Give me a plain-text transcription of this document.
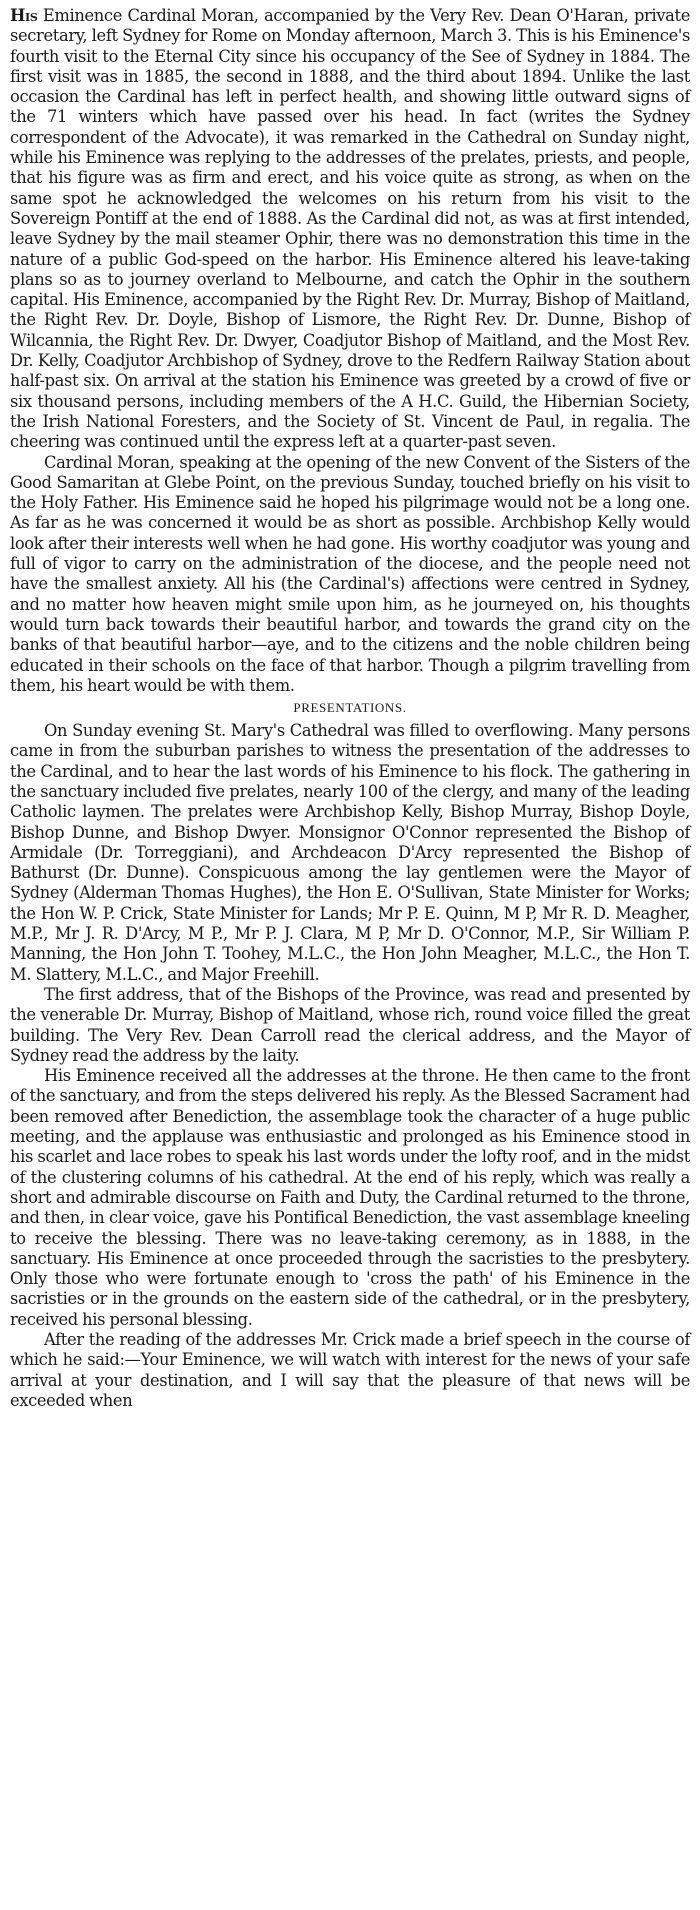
His Eminence Cardinal Moran, accompanied by the Very Rev. Dean O'Haran, private secretary, left Sydney for Rome on Monday afternoon, March 3. This is his Eminence's fourth visit to the Eternal City since his occupancy of the See of Sydney in 1884. The first visit was in 1885, the second in 1888, and the third about 1894. Unlike the last occasion the Cardinal has left in perfect health, and showing little outward signs of the 71 winters which have passed over his head. In fact (writes the Sydney correspondent of the Advocate), it was remarked in the Cathedral on Sunday night, while his Eminence was replying to the addresses of the prelates, priests, and people, that his figure was as firm and erect, and his voice quite as strong, as when on the same spot he acknowledged the welcomes on his return from his visit to the Sovereign Pontiff at the end of 1888. As the Cardinal did not, as was at first intended, leave Sydney by the mail steamer Ophir, there was no demonstration this time in the nature of a public God-speed on the harbor. His Eminence altered his leave-taking plans so as to journey overland to Melbourne, and catch the Ophir in the southern capital. His Eminence, accompanied by the Right Rev. Dr. Murray, Bishop of Maitland, the Right Rev. Dr. Doyle, Bishop of Lismore, the Right Rev. Dr. Dunne, Bishop of Wilcannia, the Right Rev. Dr. Dwyer, Coadjutor Bishop of Maitland, and the Most Rev. Dr. Kelly, Coadjutor Archbishop of Sydney, drove to the Redfern Railway Station about half-past six. On arrival at the station his Eminence was greeted by a crowd of five or six thousand persons, including members of the A H.C. Guild, the Hibernian Society, the Irish National Foresters, and the Society of St. Vincent de Paul, in regalia. The cheering was continued until the express left at a quarter-past seven.

Cardinal Moran, speaking at the opening of the new Convent of the Sisters of the Good Samaritan at Glebe Point, on the previous Sunday, touched briefly on his visit to the Holy Father. His Eminence said he hoped his pilgrimage would not be a long one. As far as he was concerned it would be as short as possible. Archbishop Kelly would look after their interests well when he had gone. His worthy coadjutor was young and full of vigor to carry on the administration of the diocese, and the people need not have the smallest anxiety. All his (the Cardinal's) affections were centred in Sydney, and no matter how heaven might smile upon him, as he journeyed on, his thoughts would turn back towards their beautiful harbor, and towards the grand city on the banks of that beautiful harbor—aye, and to the citizens and the noble children being educated in their schools on the face of that harbor. Though a pilgrim travelling from them, his heart would be with them.

PRESENTATIONS.

On Sunday evening St. Mary's Cathedral was filled to overflowing. Many persons came in from the suburban parishes to witness the presentation of the addresses to the Cardinal, and to hear the last words of his Eminence to his flock. The gathering in the sanctuary included five prelates, nearly 100 of the clergy, and many of the leading Catholic laymen. The prelates were Archbishop Kelly, Bishop Murray, Bishop Doyle, Bishop Dunne, and Bishop Dwyer. Monsignor O'Connor represented the Bishop of Armidale (Dr. Torreggiani), and Archdeacon D'Arcy represented the Bishop of Bathurst (Dr. Dunne). Conspicuous among the lay gentlemen were the Mayor of Sydney (Alderman Thomas Hughes), the Hon E. O'Sullivan, State Minister for Works; the Hon W. P. Crick, State Minister for Lands; Mr P. E. Quinn, M P, Mr R. D. Meagher, M.P., Mr J. R. D'Arcy, M P., Mr P. J. Clara, M P, Mr D. O'Connor, M.P., Sir William P. Manning, the Hon John T. Toohey, M.L.C., the Hon John Meagher, M.L.C., the Hon T. M. Slattery, M.L.C., and Major Freehill.

The first address, that of the Bishops of the Province, was read and presented by the venerable Dr. Murray, Bishop of Maitland, whose rich, round voice filled the great building. The Very Rev. Dean Carroll read the clerical address, and the Mayor of Sydney read the address by the laity.

His Eminence received all the addresses at the throne. He then came to the front of the sanctuary, and from the steps delivered his reply. As the Blessed Sacrament had been removed after Benediction, the assemblage took the character of a huge public meeting, and the applause was enthusiastic and prolonged as his Eminence stood in his scarlet and lace robes to speak his last words under the lofty roof, and in the midst of the clustering columns of his cathedral. At the end of his reply, which was really a short and admirable discourse on Faith and Duty, the Cardinal returned to the throne, and then, in clear voice, gave his Pontifical Benediction, the vast assemblage kneeling to receive the blessing. There was no leave-taking ceremony, as in 1888, in the sanctuary. His Eminence at once proceeded through the sacristies to the presbytery. Only those who were fortunate enough to 'cross the path' of his Eminence in the sacristies or in the grounds on the eastern side of the cathedral, or in the presbytery, received his personal blessing.

After the reading of the addresses Mr. Crick made a brief speech in the course of which he said:—Your Eminence, we will watch with interest for the news of your safe arrival at your destination, and I will say that the pleasure of that news will be exceeded when
